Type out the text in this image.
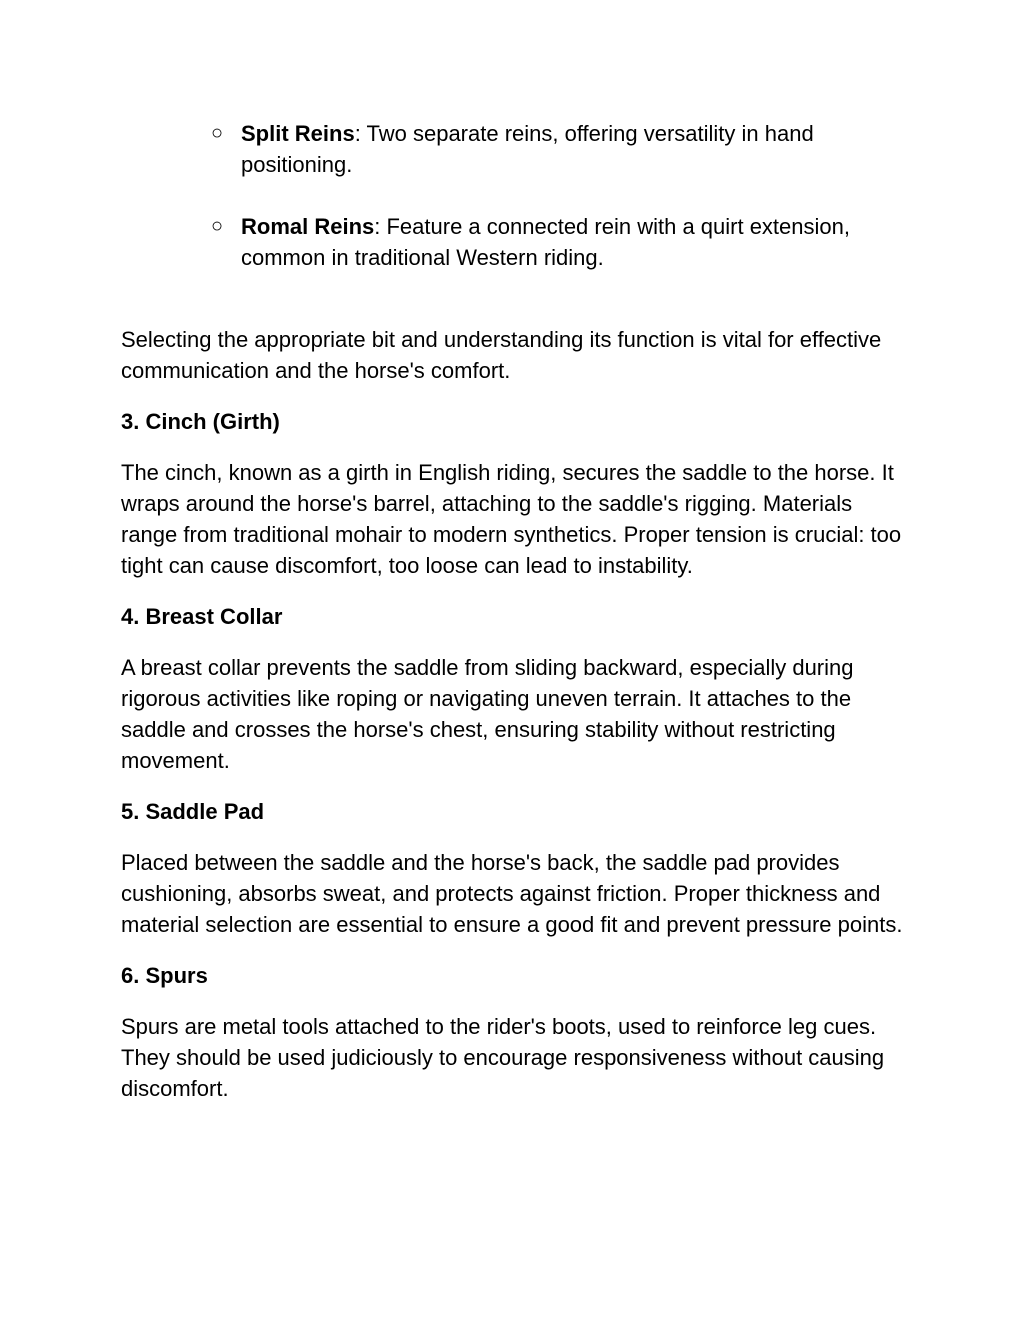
○ Split Reins: Two separate reins, offering versatility in hand positioning.
○ Romal Reins: Feature a connected rein with a quirt extension, common in traditional Western riding.

Selecting the appropriate bit and understanding its function is vital for effective communication and the horse's comfort.

3. Cinch (Girth)

The cinch, known as a girth in English riding, secures the saddle to the horse. It wraps around the horse's barrel, attaching to the saddle's rigging. Materials range from traditional mohair to modern synthetics. Proper tension is crucial: too tight can cause discomfort, too loose can lead to instability.

4. Breast Collar

A breast collar prevents the saddle from sliding backward, especially during rigorous activities like roping or navigating uneven terrain. It attaches to the saddle and crosses the horse's chest, ensuring stability without restricting movement.

5. Saddle Pad

Placed between the saddle and the horse's back, the saddle pad provides cushioning, absorbs sweat, and protects against friction. Proper thickness and material selection are essential to ensure a good fit and prevent pressure points.

6. Spurs

Spurs are metal tools attached to the rider's boots, used to reinforce leg cues. They should be used judiciously to encourage responsiveness without causing discomfort.
